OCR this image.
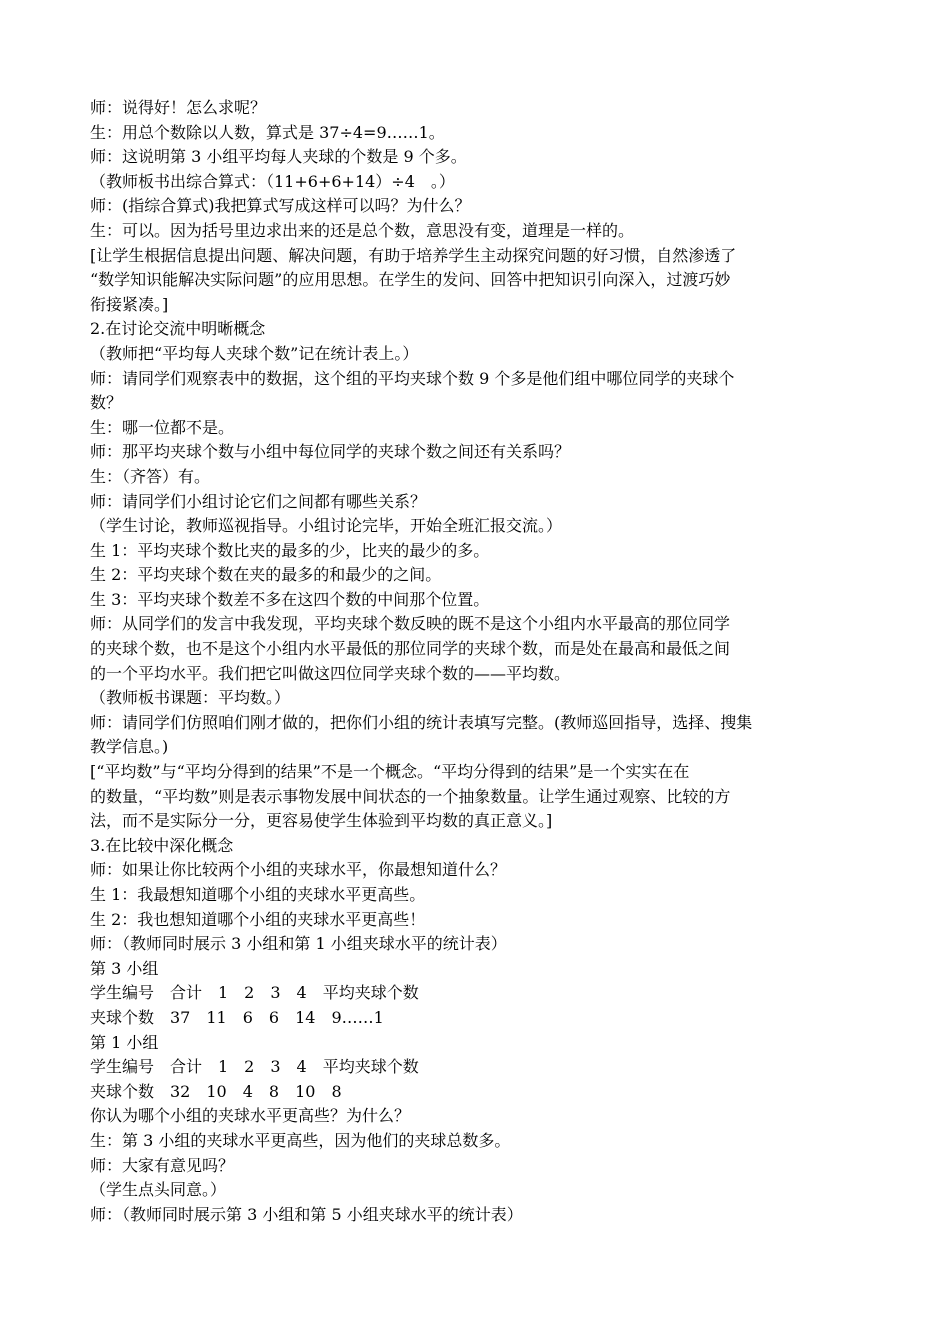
师：说得好！怎么求呢？
生：用总个数除以人数，算式是 37÷4=9……1。
师：这说明第 3 小组平均每人夹球的个数是 9 个多。
（教师板书出综合算式：（11+6+6+14）÷4　。）
师：(指综合算式)我把算式写成这样可以吗？为什么？
生：可以。因为括号里边求出来的还是总个数，意思没有变，道理是一样的。
[让学生根据信息提出问题、解决问题，有助于培养学生主动探究问题的好习惯，自然渗透了
“数学知识能解决实际问题”的应用思想。在学生的发问、回答中把知识引向深入，过渡巧妙
衔接紧凑。]
2.在讨论交流中明晰概念
（教师把“平均每人夹球个数”记在统计表上。）
师：请同学们观察表中的数据，这个组的平均夹球个数 9 个多是他们组中哪位同学的夹球个
数？
生：哪一位都不是。
师：那平均夹球个数与小组中每位同学的夹球个数之间还有关系吗？
生：（齐答）有。
师：请同学们小组讨论它们之间都有哪些关系？
（学生讨论，教师巡视指导。小组讨论完毕，开始全班汇报交流。）
生 1：平均夹球个数比夹的最多的少，比夹的最少的多。
生 2：平均夹球个数在夹的最多的和最少的之间。
生 3：平均夹球个数差不多在这四个数的中间那个位置。
师：从同学们的发言中我发现，平均夹球个数反映的既不是这个小组内水平最高的那位同学
的夹球个数，也不是这个小组内水平最低的那位同学的夹球个数，而是处在最高和最低之间
的一个平均水平。我们把它叫做这四位同学夹球个数的——平均数。
（教师板书课题：平均数。）
师：请同学们仿照咱们刚才做的，把你们小组的统计表填写完整。(教师巡回指导，选择、搜集
教学信息。)
[“平均数”与“平均分得到的结果”不是一个概念。“平均分得到的结果”是一个实实在在
的数量，“平均数”则是表示事物发展中间状态的一个抽象数量。让学生通过观察、比较的方
法，而不是实际分一分，更容易使学生体验到平均数的真正意义。]
3.在比较中深化概念
师：如果让你比较两个小组的夹球水平，你最想知道什么？
生 1：我最想知道哪个小组的夹球水平更高些。
生 2：我也想知道哪个小组的夹球水平更高些！
师：（教师同时展示 3 小组和第 1 小组夹球水平的统计表）
第 3 小组
学生编号　合计　1　2　3　4　平均夹球个数
夹球个数　37　11　6　6　14　9……1
第 1 小组
学生编号　合计　1　2　3　4　平均夹球个数
夹球个数　32　10　4　8　10　8
你认为哪个小组的夹球水平更高些？为什么？
生：第 3 小组的夹球水平更高些，因为他们的夹球总数多。
师：大家有意见吗？
（学生点头同意。）
师：（教师同时展示第 3 小组和第 5 小组夹球水平的统计表）
